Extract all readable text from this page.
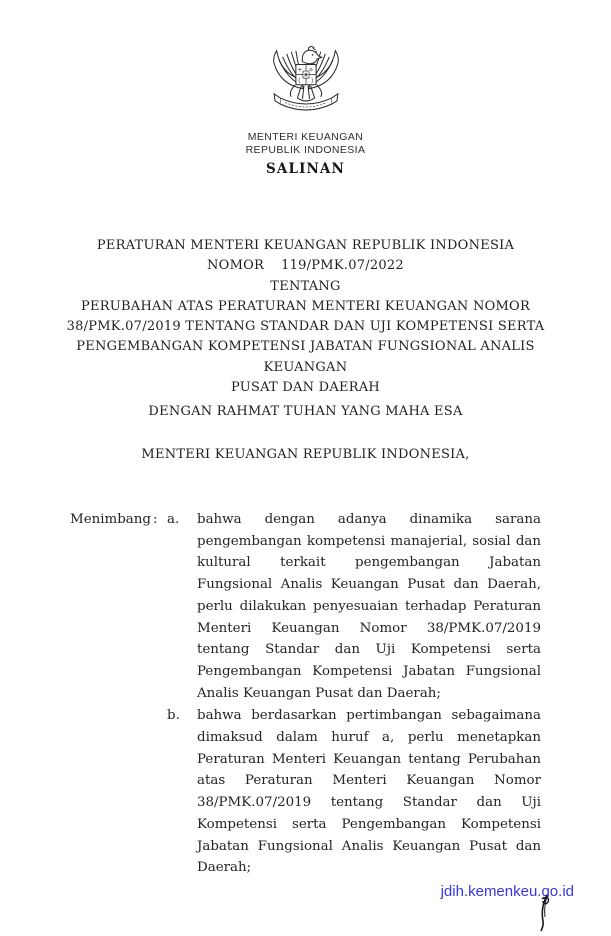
MENTERI KEUANGAN
REPUBLIK INDONESIA
SALINAN
PERATURAN MENTERI KEUANGAN REPUBLIK INDONESIA
NOMOR 119/PMK.07/2022
TENTANG
PERUBAHAN ATAS PERATURAN MENTERI KEUANGAN NOMOR
38/PMK.07/2019 TENTANG STANDAR DAN UJI KOMPETENSI SERTA
PENGEMBANGAN KOMPETENSI JABATAN FUNGSIONAL ANALIS KEUANGAN
PUSAT DAN DAERAH
DENGAN RAHMAT TUHAN YANG MAHA ESA
MENTERI KEUANGAN REPUBLIK INDONESIA,
Menimbang : a.	bahwa dengan adanya dinamika sarana pengembangan kompetensi manajerial, sosial dan kultural terkait pengembangan Jabatan Fungsional Analis Keuangan Pusat dan Daerah, perlu dilakukan penyesuaian terhadap Peraturan Menteri Keuangan Nomor 38/PMK.07/2019 tentang Standar dan Uji Kompetensi serta Pengembangan Kompetensi Jabatan Fungsional Analis Keuangan Pusat dan Daerah;
b.	bahwa berdasarkan pertimbangan sebagaimana dimaksud dalam huruf a, perlu menetapkan Peraturan Menteri Keuangan tentang Perubahan atas Peraturan Menteri Keuangan Nomor 38/PMK.07/2019 tentang Standar dan Uji Kompetensi serta Pengembangan Kompetensi Jabatan Fungsional Analis Keuangan Pusat dan Daerah;
jdih.kemenkeu.go.id
